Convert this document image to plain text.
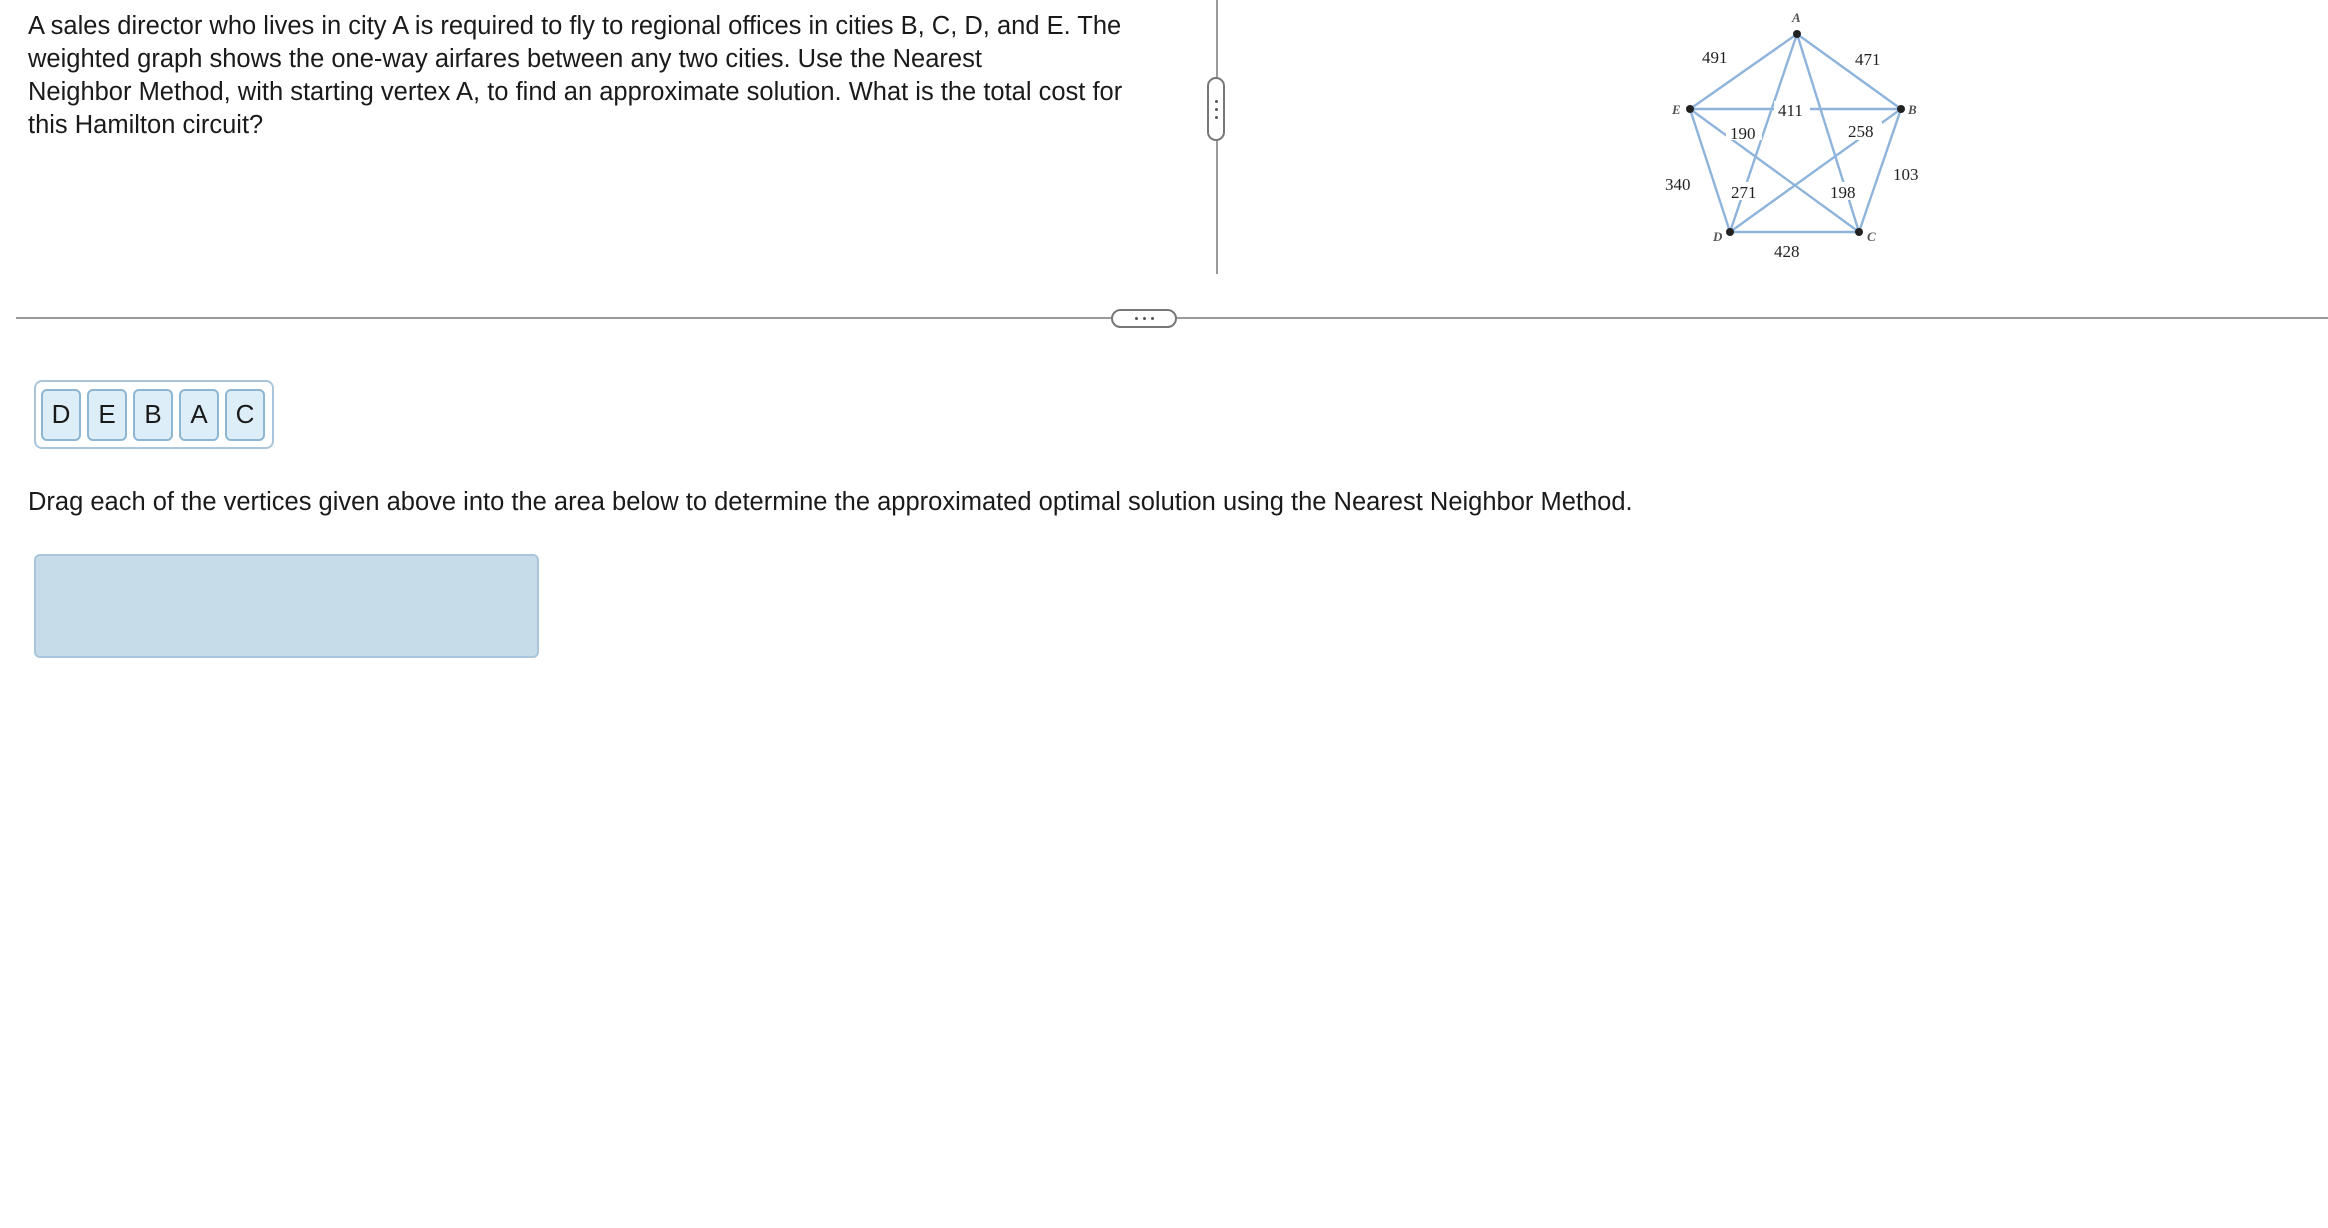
A sales director who lives in city A is required to fly to regional offices in cities B, C, D, and E. The
weighted graph shows the one-way airfares between any two cities. Use the Nearest
Neighbor Method, with starting vertex A, to find an approximate solution. What is the total cost for
this Hamilton circuit?

A
B
C
D
E
491	471
411
190	258
103
340 271	198
428
D	E	B	A	C

Drag each of the vertices given above into the area below to determine the approximated optimal solution using the Nearest Neighbor Method.
